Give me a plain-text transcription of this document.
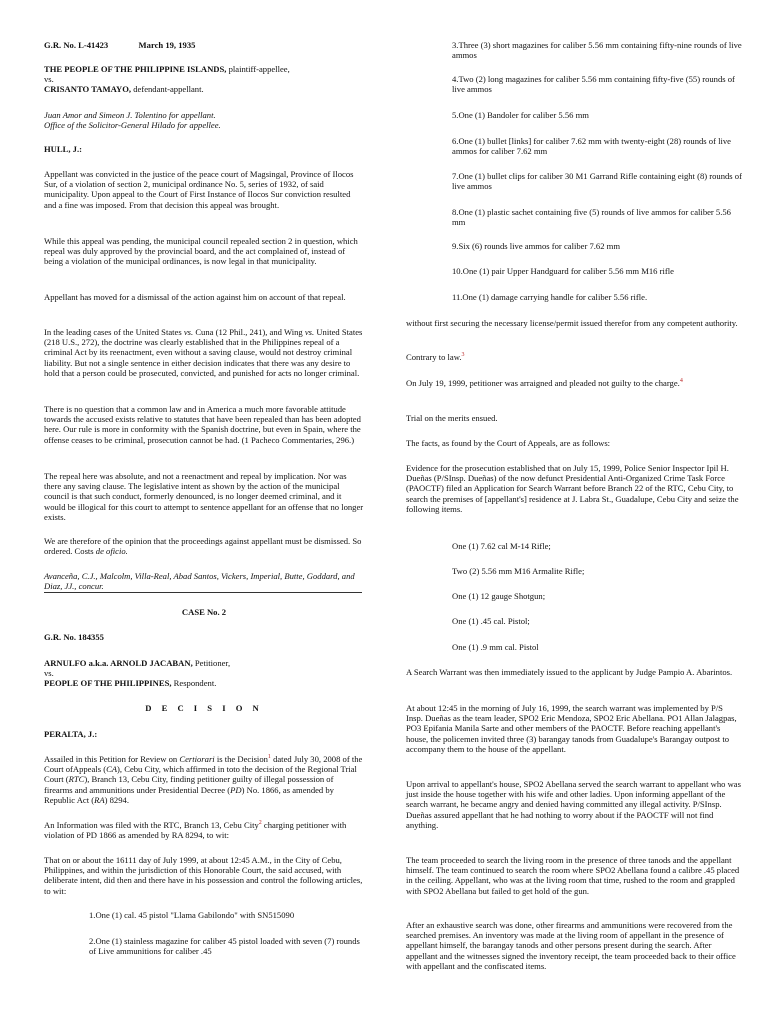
G.R. No. L-41423	March 19, 1935

THE PEOPLE OF THE PHILIPPINE ISLANDS, plaintiff-appellee,
vs.
CRISANTO TAMAYO, defendant-appellant.

Juan Amor and Simeon J. Tolentino for appellant.
Office of the Solicitor-General Hilado for appellee.

HULL, J.:

Appellant was convicted in the justice of the peace court of Magsingal, Province of Ilocos Sur, of a violation of section 2, municipal ordinance No. 5, series of 1932, of said municipality. Upon appeal to the Court of First Instance of Ilocos Sur conviction resulted and a fine was imposed. From that decision this appeal was brought.

While this appeal was pending, the municipal council repealed section 2 in question, which repeal was duly approved by the provincial board, and the act complained of, instead of being a violation of the municipal ordinances, is now legal in that municipality.

Appellant has moved for a dismissal of the action against him on account of that repeal.

In the leading cases of the United States vs. Cuna (12 Phil., 241), and Wing vs. United States (218 U.S., 272), the doctrine was clearly established that in the Philippines repeal of a criminal Act by its reenactment, even without a saving clause, would not destroy criminal liability. But not a single sentence in either decision indicates that there was any desire to hold that a person could be prosecuted, convicted, and punished for acts no longer criminal.

There is no question that a common law and in America a much more favorable attitude towards the accused exists relative to statutes that have been repealed than has been adopted here. Our rule is more in conformity with the Spanish doctrine, but even in Spain, where the offense ceases to be criminal, prosecution cannot be had. (1 Pacheco Commentaries, 296.)

The repeal here was absolute, and not a reenactment and repeal by implication. Nor was there any saving clause. The legislative intent as shown by the action of the municipal council is that such conduct, formerly denounced, is no longer deemed criminal, and it would be illogical for this court to attempt to sentence appellant for an offense that no longer exists.

We are therefore of the opinion that the proceedings against appellant must be dismissed. So ordered. Costs de oficio.

Avanceña, C.J., Malcolm, Villa-Real, Abad Santos, Vickers, Imperial, Butte, Goddard, and Diaz, JJ., concur.

CASE No. 2

G.R. No. 184355

ARNULFO a.k.a. ARNOLD JACABAN, Petitioner,
vs.
PEOPLE OF THE PHILIPPINES, Respondent.

D E C I S I O N

PERALTA, J.:

Assailed in this Petition for Review on Certiorari is the Decision$^1$ dated July 30, 2008 of the Court ofAppeals (CA), Cebu City, which affirmed in toto the decision of the Regional Trial Court (RTC), Branch 13, Cebu City, finding petitioner guilty of illegal possession of firearms and ammunitions under Presidential Decree (PD) No. 1866, as amended by Republic Act (RA) 8294.

An Information was filed with the RTC, Branch 13, Cebu City$^2$ charging petitioner with violation of PD 1866 as amended by RA 8294, to wit:

That on or about the 16111 day of July 1999, at about 12:45 A.M., in the City of Cebu, Philippines, and within the jurisdiction of this Honorable Court, the said accused, with deliberate intent, did then and there have in his possession and control the following articles, to wit:

1.One (1) cal. 45 pistol "Llama Gabilondo" with SN515090

2.One (1) stainless magazine for caliber 45 pistol loaded with seven (7) rounds of Live ammunitions for caliber .45

3.Three (3) short magazines for caliber 5.56 mm containing fifty-nine rounds of live ammos

4.Two (2) long magazines for caliber 5.56 mm containing fifty-five (55) rounds of live ammos

5.One (1) Bandoler for caliber 5.56 mm

6.One (1) bullet [links] for caliber 7.62 mm with twenty-eight (28) rounds of live ammos for caliber 7.62 mm

7.One (1) bullet clips for caliber 30 M1 Garrand Rifle containing eight (8) rounds of live ammos

8.One (1) plastic sachet containing five (5) rounds of live ammos for caliber 5.56 mm

9.Six (6) rounds live ammos for caliber 7.62 mm

10.One (1) pair Upper Handguard for caliber 5.56 mm M16 rifle

11.One (1) damage carrying handle for caliber 5.56 rifle.

without first securing the necessary license/permit issued therefor from any competent authority.

Contrary to law.$^3$

On July 19, 1999, petitioner was arraigned and pleaded not guilty to the charge.$^4$

Trial on the merits ensued.

The facts, as found by the Court of Appeals, are as follows:

Evidence for the prosecution established that on July 15, 1999, Police Senior Inspector Ipil H. Dueñas (P/SInsp. Dueñas) of the now defunct Presidential Anti-Organized Crime Task Force (PAOCTF) filed an Application for Search Warrant before Branch 22 of the RTC, Cebu City, to search the premises of [appellant's] residence at J. Labra St., Guadalupe, Cebu City and seize the following items.

One (1) 7.62 cal M-14 Rifle;

Two (2) 5.56 mm M16 Armalite Rifle;

One (1) 12 gauge Shotgun;

One (1) .45 cal. Pistol;

One (1) .9 mm cal. Pistol

A Search Warrant was then immediately issued to the applicant by Judge Pampio A. Abarintos.

At about 12:45 in the morning of July 16, 1999, the search warrant was implemented by P/S Insp. Dueñas as the team leader, SPO2 Eric Mendoza, SPO2 Eric Abellana. PO1 Allan Jalagpas, PO3 Epifania Manila Sarte and other members of the PAOCTF. Before reaching appellant's house, the policemen invited three (3) barangay tanods from Guadalupe's Barangay outpost to accompany them to the house of the appellant.

Upon arrival to appellant's house, SPO2 Abellana served the search warrant to appellant who was just inside the house together with his wife and other ladies. Upon informing appellant of the search warrant, he became angry and denied having committed any illegal activity. P/SInsp. Dueñas assured appellant that he had nothing to worry about if the PAOCTF will not find anything.

The team proceeded to search the living room in the presence of three tanods and the appellant himself. The team continued to search the room where SPO2 Abellana found a calibre .45 placed in the ceiling. Appellant, who was at the living room that time, rushed to the room and grappled with SPO2 Abellana but failed to get hold of the gun.

After an exhaustive search was done, other firearms and ammunitions were recovered from the searched premises. An inventory was made at the living room of appellant in the presence of appellant himself, the barangay tanods and other persons present during the search. After appellant and the witnesses signed the inventory receipt, the team proceeded back to their office with appellant and the confiscated items.
